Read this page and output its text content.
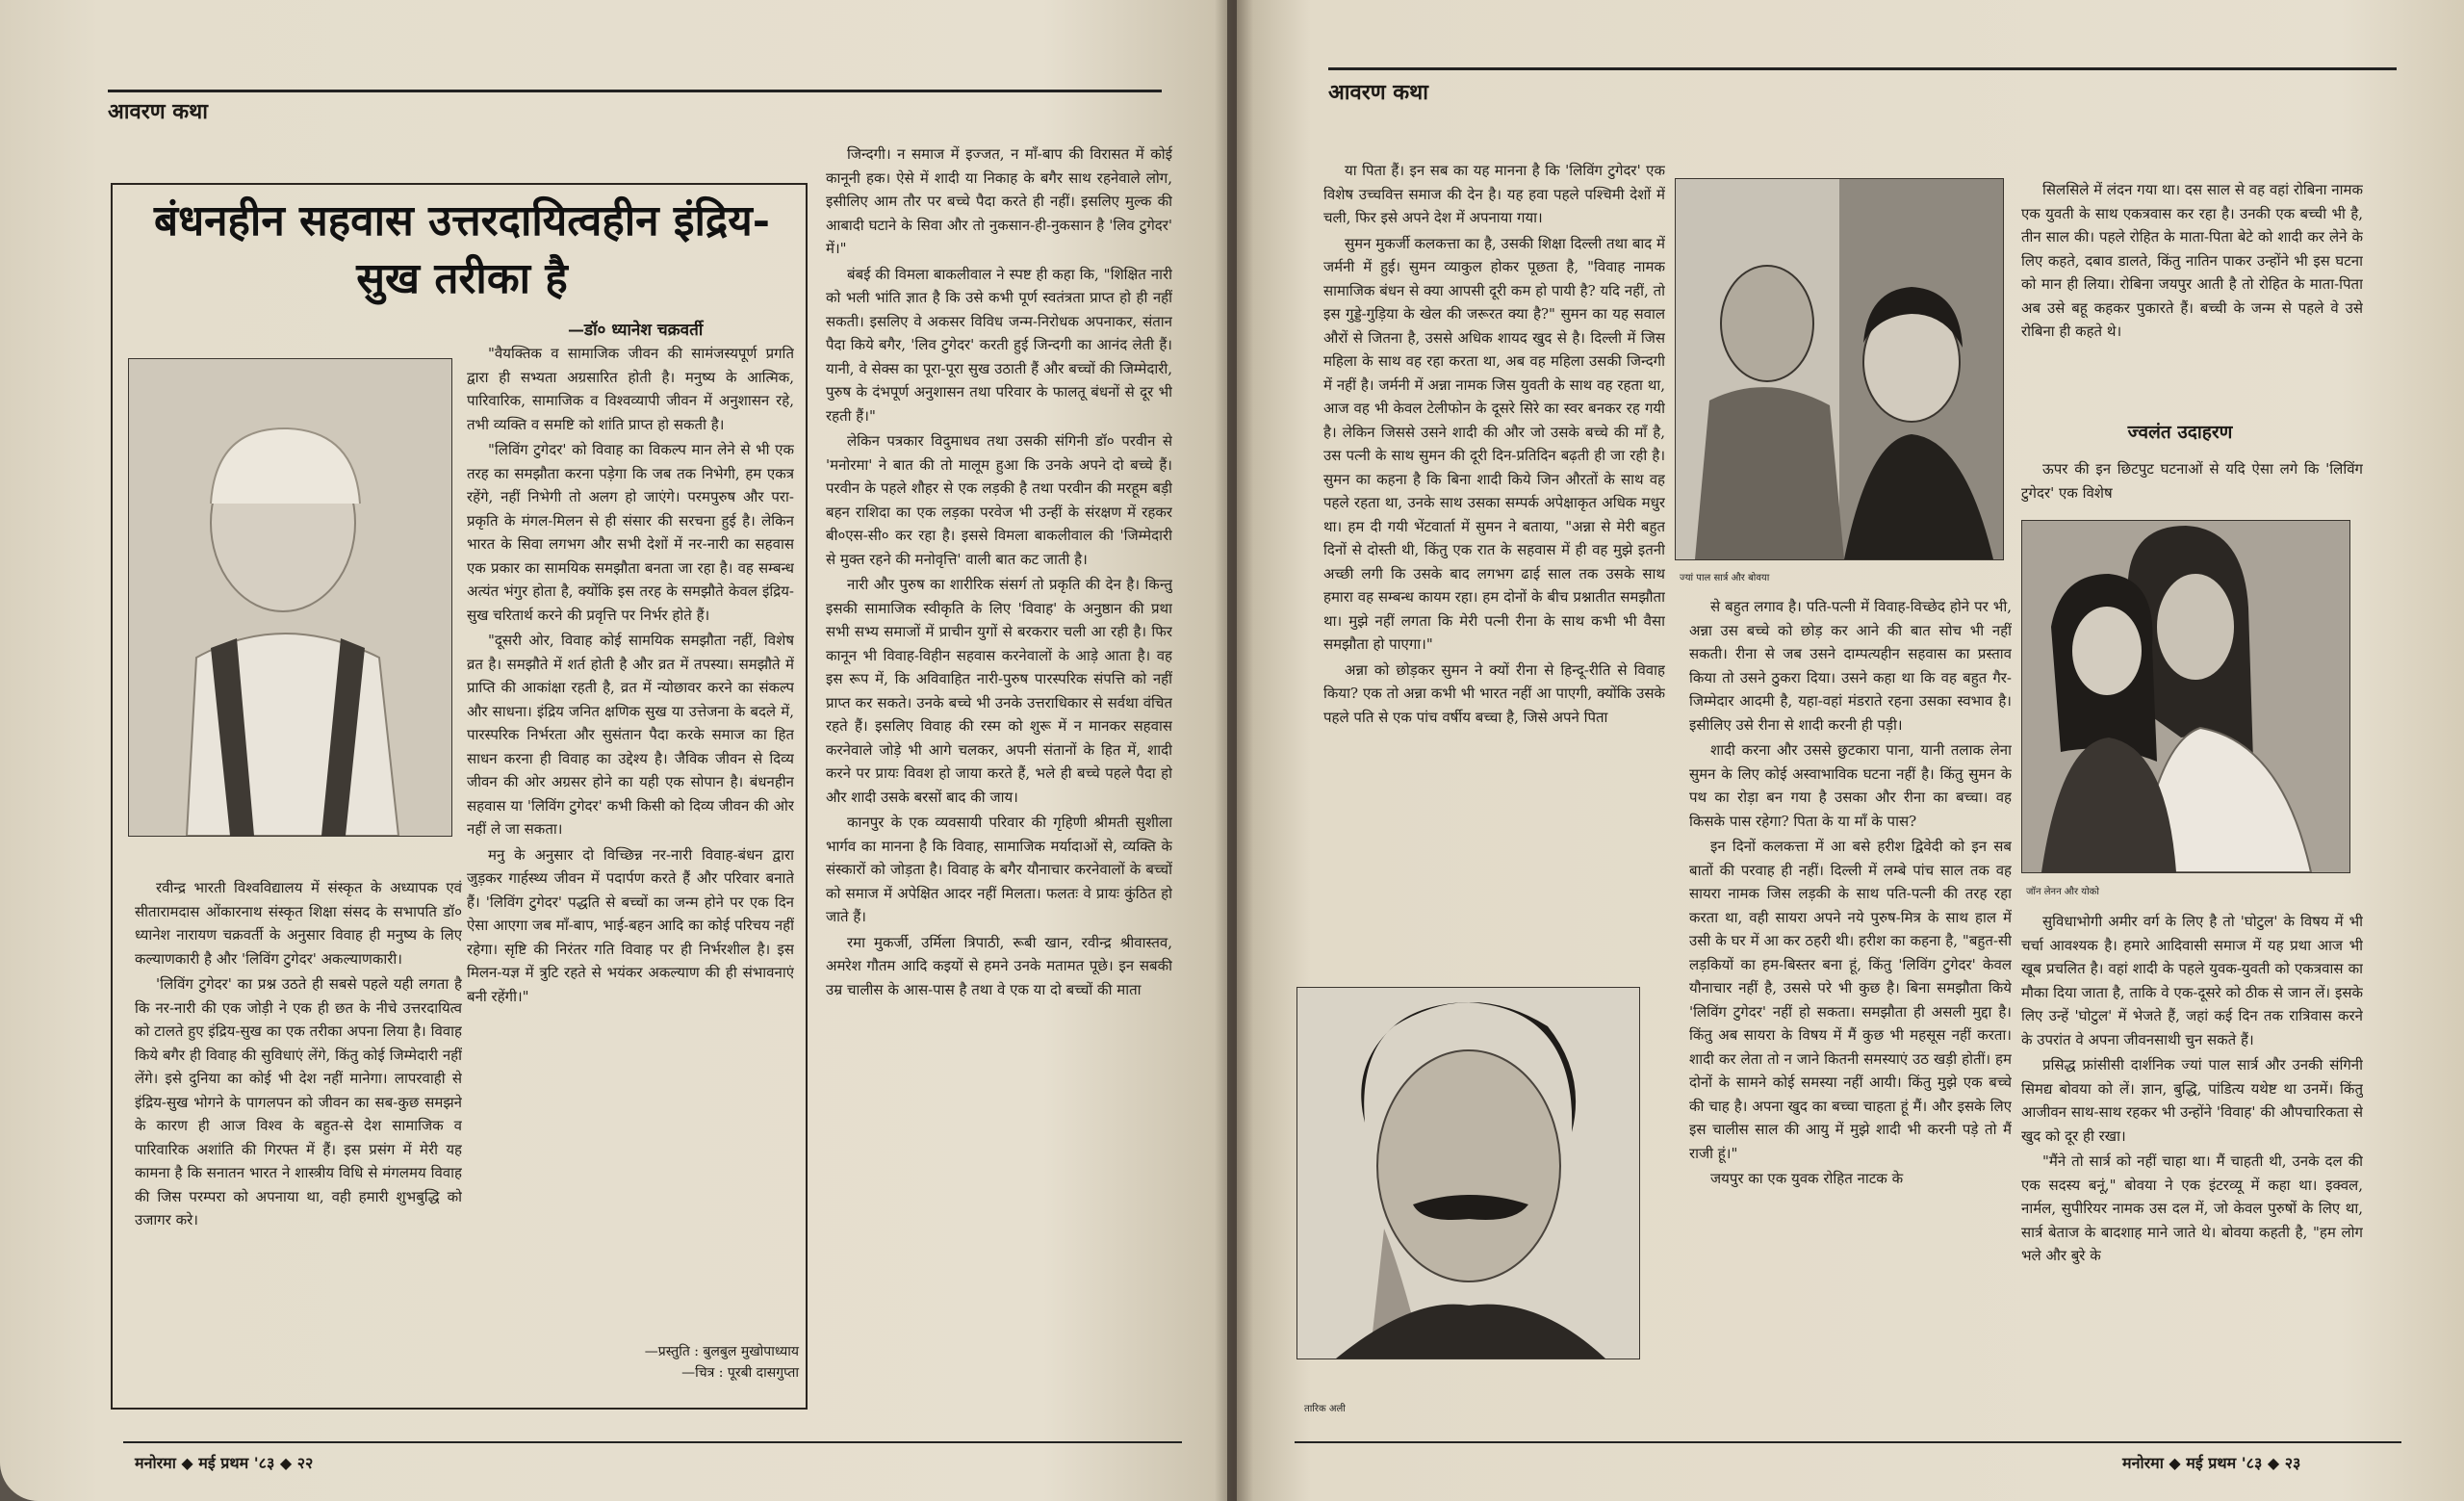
आवरण कथा
बंधनहीन सहवास उत्तरदायित्वहीन इंद्रिय-सुख तरीका है
—डॉ० ध्यानेश चक्रवर्ती

रवीन्द्र भारती विश्वविद्यालय में संस्कृत के अध्यापक एवं सीतारामदास ओंकारनाथ संस्कृत शिक्षा संसद के सभापति डॉ० ध्यानेश नारायण चक्रवर्ती के अनुसार विवाह ही मनुष्य के लिए कल्याणकारी है और 'लिविंग टुगेदर' अकल्याणकारी।

'लिविंग टुगेदर' का प्रश्न उठते ही सबसे पहले यही लगता है कि नर-नारी की एक जोड़ी ने एक ही छत के नीचे उत्तरदायित्व को टालते हुए इंद्रिय-सुख का एक तरीका अपना लिया है। विवाह किये बगैर ही विवाह की सुविधाएं लेंगे, किंतु कोई जिम्मेदारी नहीं लेंगे। इसे दुनिया का कोई भी देश नहीं मानेगा। लापरवाही से इंद्रिय-सुख भोगने के पागलपन को जीवन का सब-कुछ समझने के कारण ही आज विश्व के बहुत-से देश सामाजिक व पारिवारिक अशांति की गिरफ्त में हैं। इस प्रसंग में मेरी यह कामना है कि सनातन भारत ने शास्त्रीय विधि से मंगलमय विवाह की जिस परम्परा को अपनाया था, वही हमारी शुभबुद्धि को उजागर करे।

"वैयक्तिक व सामाजिक जीवन की सामंजस्यपूर्ण प्रगति द्वारा ही सभ्यता अग्रसारित होती है। मनुष्य के आत्मिक, पारिवारिक, सामाजिक व विश्वव्यापी जीवन में अनुशासन रहे, तभी व्यक्ति व समष्टि को शांति प्राप्त हो सकती है।

"लिविंग टुगेदर' को विवाह का विकल्प मान लेने से भी एक तरह का समझौता करना पड़ेगा कि जब तक निभेगी, हम एकत्र रहेंगे, नहीं निभेगी तो अलग हो जाएंगे। परमपुरुष और परा-प्रकृति के मंगल-मिलन से ही संसार की सरचना हुई है। लेकिन भारत के सिवा लगभग और सभी देशों में नर-नारी का सहवास एक प्रकार का सामयिक समझौता बनता जा रहा है। वह सम्बन्ध अत्यंत भंगुर होता है, क्योंकि इस तरह के समझौते केवल इंद्रिय-सुख चरितार्थ करने की प्रवृत्ति पर निर्भर होते हैं।

"दूसरी ओर, विवाह कोई सामयिक समझौता नहीं, विशेष व्रत है। समझौते में शर्त होती है और व्रत में तपस्या। समझौते में प्राप्ति की आकांक्षा रहती है, व्रत में न्योछावर करने का संकल्प और साधना। इंद्रिय जनित क्षणिक सुख या उत्तेजना के बदले में, पारस्परिक निर्भरता और सुसंतान पैदा करके समाज का हित साधन करना ही विवाह का उद्देश्य है। जैविक जीवन से दिव्य जीवन की ओर अग्रसर होने का यही एक सोपान है। बंधनहीन सहवास या 'लिविंग टुगेदर' कभी किसी को दिव्य जीवन की ओर नहीं ले जा सकता।

मनु के अनुसार दो विच्छिन्न नर-नारी विवाह-बंधन द्वारा जुड़कर गार्हस्थ्य जीवन में पदार्पण करते हैं और परिवार बनाते हैं। 'लिविंग टुगेदर' पद्धति से बच्चों का जन्म होने पर एक दिन ऐसा आएगा जब माँ-बाप, भाई-बहन आदि का कोई परिचय नहीं रहेगा। सृष्टि की निरंतर गति विवाह पर ही निर्भरशील है। इस मिलन-यज्ञ में त्रुटि रहते से भयंकर अकल्याण की ही संभावनाएं बनी रहेंगी।"

—प्रस्तुति : बुलबुल मुखोपाध्याय
—चित्र : पूरबी दासगुप्ता

जिन्दगी। न समाज में इज्जत, न माँ-बाप की विरासत में कोई कानूनी हक। ऐसे में शादी या निकाह के बगैर साथ रहनेवाले लोग, इसीलिए आम तौर पर बच्चे पैदा करते ही नहीं। इसलिए मुल्क की आबादी घटाने के सिवा और तो नुकसान-ही-नुकसान है 'लिव टुगेदर' में।"

बंबई की विमला बाकलीवाल ने स्पष्ट ही कहा कि, "शिक्षित नारी को भली भांति ज्ञात है कि उसे कभी पूर्ण स्वतंत्रता प्राप्त हो ही नहीं सकती। इसलिए वे अकसर विविध जन्म-निरोधक अपनाकर, संतान पैदा किये बगैर, 'लिव टुगेदर' करती हुई जिन्दगी का आनंद लेती हैं। यानी, वे सेक्स का पूरा-पूरा सुख उठाती हैं और बच्चों की जिम्मेदारी, पुरुष के दंभपूर्ण अनुशासन तथा परिवार के फालतू बंधनों से दूर भी रहती हैं।"

लेकिन पत्रकार विदुमाधव तथा उसकी संगिनी डॉ० परवीन से 'मनोरमा' ने बात की तो मालूम हुआ कि उनके अपने दो बच्चे हैं। परवीन के पहले शौहर से एक लड़की है तथा परवीन की मरहूम बड़ी बहन राशिदा का एक लड़का परवेज भी उन्हीं के संरक्षण में रहकर बी०एस-सी० कर रहा है। इससे विमला बाकलीवाल की 'जिम्मेदारी से मुक्त रहने की मनोवृत्ति' वाली बात कट जाती है।

नारी और पुरुष का शारीरिक संसर्ग तो प्रकृति की देन है। किन्तु इसकी सामाजिक स्वीकृति के लिए 'विवाह' के अनुष्ठान की प्रथा सभी सभ्य समाजों में प्राचीन युगों से बरकरार चली आ रही है। फिर कानून भी विवाह-विहीन सहवास करनेवालों के आड़े आता है। वह इस रूप में, कि अविवाहित नारी-पुरुष पारस्परिक संपत्ति को नहीं प्राप्त कर सकते। उनके बच्चे भी उनके उत्तराधिकार से सर्वथा वंचित रहते हैं। इसलिए विवाह की रस्म को शुरू में न मानकर सहवास करनेवाले जोड़े भी आगे चलकर, अपनी संतानों के हित में, शादी करने पर प्रायः विवश हो जाया करते हैं, भले ही बच्चे पहले पैदा हो और शादी उसके बरसों बाद की जाय।

कानपुर के एक व्यवसायी परिवार की गृहिणी श्रीमती सुशीला भार्गव का मानना है कि विवाह, सामाजिक मर्यादाओं से, व्यक्ति के संस्कारों को जोड़ता है। विवाह के बगैर यौनाचार करनेवालों के बच्चों को समाज में अपेक्षित आदर नहीं मिलता। फलतः वे प्रायः कुंठित हो जाते हैं।

रमा मुकर्जी, उर्मिला त्रिपाठी, रूबी खान, रवीन्द्र श्रीवास्तव, अमरेश गौतम आदि कइयों से हमने उनके मतामत पूछे। इन सबकी उम्र चालीस के आस-पास है तथा वे एक या दो बच्चों की माता

मनोरमा ◆ मई प्रथम '८३ ◆ २२
आवरण कथा

या पिता हैं। इन सब का यह मानना है कि 'लिविंग टुगेदर' एक विशेष उच्चवित्त समाज की देन है। यह हवा पहले पश्चिमी देशों में चली, फिर इसे अपने देश में अपनाया गया।

सुमन मुकर्जी कलकत्ता का है, उसकी शिक्षा दिल्ली तथा बाद में जर्मनी में हुई। सुमन व्याकुल होकर पूछता है, "विवाह नामक सामाजिक बंधन से क्या आपसी दूरी कम हो पायी है? यदि नहीं, तो इस गुड्डे-गुड़िया के खेल की जरूरत क्या है?" सुमन का यह सवाल औरों से जितना है, उससे अधिक शायद खुद से है। दिल्ली में जिस महिला के साथ वह रहा करता था, अब वह महिला उसकी जिन्दगी में नहीं है। जर्मनी में अन्ना नामक जिस युवती के साथ वह रहता था, आज वह भी केवल टेलीफोन के दूसरे सिरे का स्वर बनकर रह गयी है। लेकिन जिससे उसने शादी की और जो उसके बच्चे की माँ है, उस पत्नी के साथ सुमन की दूरी दिन-प्रतिदिन बढ़ती ही जा रही है। सुमन का कहना है कि बिना शादी किये जिन औरतों के साथ वह पहले रहता था, उनके साथ उसका सम्पर्क अपेक्षाकृत अधिक मधुर था। हम दी गयी भेंटवार्ता में सुमन ने बताया, "अन्ना से मेरी बहुत दिनों से दोस्ती थी, किंतु एक रात के सहवास में ही वह मुझे इतनी अच्छी लगी कि उसके बाद लगभग ढाई साल तक उसके साथ हमारा वह सम्बन्ध कायम रहा। हम दोनों के बीच प्रश्नातीत समझौता था। मुझे नहीं लगता कि मेरी पत्नी रीना के साथ कभी भी वैसा समझौता हो पाएगा।"

अन्ना को छोड़कर सुमन ने क्यों रीना से हिन्दू-रीति से विवाह किया? एक तो अन्ना कभी भी भारत नहीं आ पाएगी, क्योंकि उसके पहले पति से एक पांच वर्षीय बच्चा है, जिसे अपने पिता

तारिक अली
ज्यां पाल सार्त्र और बोवया

से बहुत लगाव है। पति-पत्नी में विवाह-विच्छेद होने पर भी, अन्ना उस बच्चे को छोड़ कर आने की बात सोच भी नहीं सकती। रीना से जब उसने दाम्पत्यहीन सहवास का प्रस्ताव किया तो उसने ठुकरा दिया। उसने कहा था कि वह बहुत गैर-जिम्मेदार आदमी है, यहा-वहां मंडराते रहना उसका स्वभाव है। इसीलिए उसे रीना से शादी करनी ही पड़ी।

शादी करना और उससे छुटकारा पाना, यानी तलाक लेना सुमन के लिए कोई अस्वाभाविक घटना नहीं है। किंतु सुमन के पथ का रोड़ा बन गया है उसका और रीना का बच्चा। वह किसके पास रहेगा? पिता के या माँ के पास?

इन दिनों कलकत्ता में आ बसे हरीश द्विवेदी को इन सब बातों की परवाह ही नहीं। दिल्ली में लम्बे पांच साल तक वह सायरा नामक जिस लड़की के साथ पति-पत्नी की तरह रहा करता था, वही सायरा अपने नये पुरुष-मित्र के साथ हाल में उसी के घर में आ कर ठहरी थी। हरीश का कहना है, "बहुत-सी लड़कियों का हम-बिस्तर बना हूं, किंतु 'लिविंग टुगेदर' केवल यौनाचार नहीं है, उससे परे भी कुछ है। बिना समझौता किये 'लिविंग टुगेदर' नहीं हो सकता। समझौता ही असली मुद्दा है। किंतु अब सायरा के विषय में मैं कुछ भी महसूस नहीं करता। शादी कर लेता तो न जाने कितनी समस्याएं उठ खड़ी होतीं। हम दोनों के सामने कोई समस्या नहीं आयी। किंतु मुझे एक बच्चे की चाह है। अपना खुद का बच्चा चाहता हूं मैं। और इसके लिए इस चालीस साल की आयु में मुझे शादी भी करनी पड़े तो मैं राजी हूं।"

जयपुर का एक युवक रोहित नाटक के

सिलसिले में लंदन गया था। दस साल से वह वहां रोबिना नामक एक युवती के साथ एकत्रवास कर रहा है। उनकी एक बच्ची भी है, तीन साल की। पहले रोहित के माता-पिता बेटे को शादी कर लेने के लिए कहते, दबाव डालते, किंतु नातिन पाकर उन्होंने भी इस घटना को मान ही लिया। रोबिना जयपुर आती है तो रोहित के माता-पिता अब उसे बहू कहकर पुकारते हैं। बच्ची के जन्म से पहले वे उसे रोबिना ही कहते थे।

ज्वलंत उदाहरण

ऊपर की इन छिटपुट घटनाओं से यदि ऐसा लगे कि 'लिविंग टुगेदर' एक विशेष

जॉन लेनन और योको

सुविधाभोगी अमीर वर्ग के लिए है तो 'घोटुल' के विषय में भी चर्चा आवश्यक है। हमारे आदिवासी समाज में यह प्रथा आज भी खूब प्रचलित है। वहां शादी के पहले युवक-युवती को एकत्रवास का मौका दिया जाता है, ताकि वे एक-दूसरे को ठीक से जान लें। इसके लिए उन्हें 'घोटुल' में भेजते हैं, जहां कई दिन तक रात्रिवास करने के उपरांत वे अपना जीवनसाथी चुन सकते हैं।

प्रसिद्ध फ्रांसीसी दार्शनिक ज्यां पाल सार्त्र और उनकी संगिनी सिमद्य बोवया को लें। ज्ञान, बुद्धि, पांडित्य यथेष्ट था उनमें। किंतु आजीवन साथ-साथ रहकर भी उन्होंने 'विवाह' की औपचारिकता से खुद को दूर ही रखा।

"मैंने तो सार्त्र को नहीं चाहा था। मैं चाहती थी, उनके दल की एक सदस्य बनूं," बोवया ने एक इंटरव्यू में कहा था। इक्वल, नार्मल, सुपीरियर नामक उस दल में, जो केवल पुरुषों के लिए था, सार्त्र बेताज के बादशाह माने जाते थे। बोवया कहती है, "हम लोग भले और बुरे के

मनोरमा ◆ मई प्रथम '८३ ◆ २३
